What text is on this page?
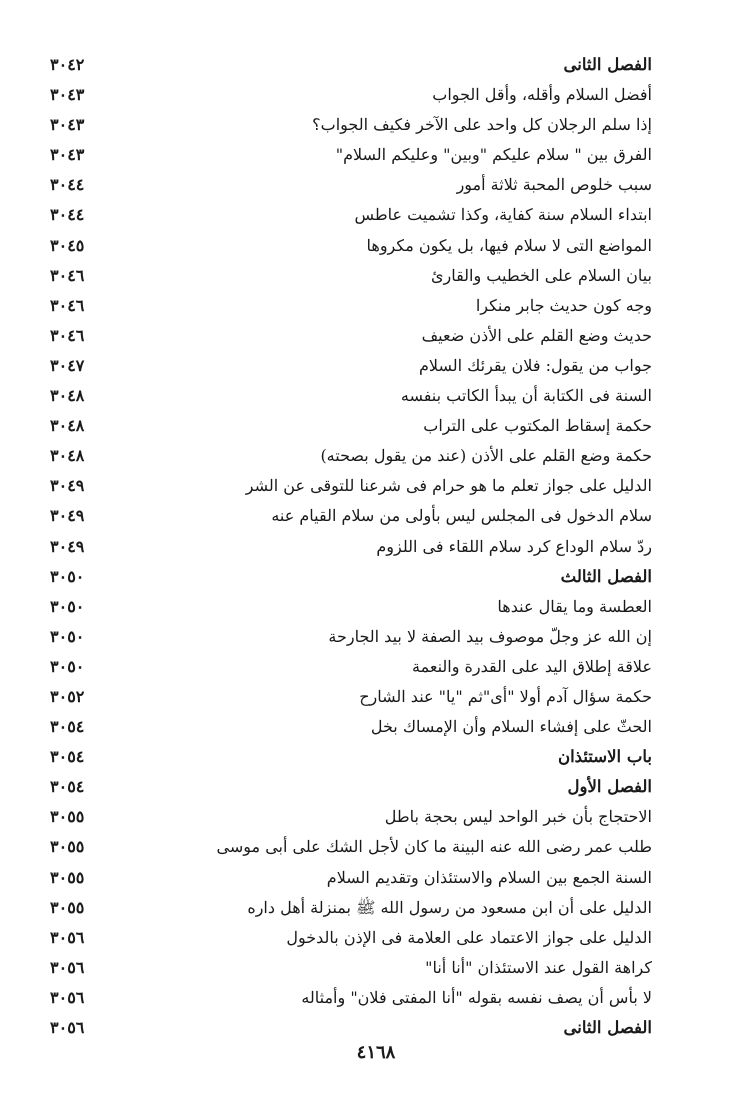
الفصل الثانى
٣٠٤٢
أفضل السلام وأقله، وأقل الجواب
٣٠٤٣
إذا سلم الرجلان كل واحد على الآخر فكيف الجواب؟
٣٠٤٣
الفرق بين " سلام عليكم "وبين" وعليكم السلام"
٣٠٤٣
سبب خلوص المحبة ثلاثة أمور
٣٠٤٤
ابتداء السلام سنة كفاية، وكذا تشميت عاطس
٣٠٤٤
المواضع التى لا سلام فيها، بل يكون مكروها
٣٠٤٥
بيان السلام على الخطيب والقارئ
٣٠٤٦
وجه كون حديث جابر منكرا
٣٠٤٦
حديث وضع القلم على الأذن ضعيف
٣٠٤٦
جواب من يقول: فلان يقرئك السلام
٣٠٤٧
السنة فى الكتابة أن يبدأ الكاتب بنفسه
٣٠٤٨
حكمة إسقاط المكتوب على التراب
٣٠٤٨
حكمة وضع القلم على الأذن (عند من يقول بصحته)
٣٠٤٨
الدليل على جواز تعلم ما هو حرام فى شرعنا للتوقى عن الشر
٣٠٤٩
سلام الدخول فى المجلس ليس بأولى من سلام القيام عنه
٣٠٤٩
ردّ سلام الوداع كرد سلام اللقاء فى اللزوم
٣٠٤٩
الفصل الثالث
٣٠٥٠
العطسة وما يقال عندها
٣٠٥٠
إن الله عز وجلّ موصوف بيد الصفة لا بيد الجارحة
٣٠٥٠
علاقة إطلاق اليد على القدرة والنعمة
٣٠٥٠
حكمة سؤال آدم أولا "أى"ثم "يا" عند الشارح
٣٠٥٢
الحثّ على إفشاء السلام وأن الإمساك بخل
٣٠٥٤
باب الاستئذان
٣٠٥٤
الفصل الأول
٣٠٥٤
الاحتجاج بأن خبر الواحد ليس بحجة باطل
٣٠٥٥
طلب عمر رضى الله عنه البينة ما كان لأجل الشك على أبى موسى
٣٠٥٥
السنة الجمع بين السلام والاستئذان وتقديم السلام
٣٠٥٥
الدليل على أن ابن مسعود من رسول الله ﷺ بمنزلة أهل داره
٣٠٥٥
الدليل على جواز الاعتماد على العلامة فى الإذن بالدخول
٣٠٥٦
كراهة القول عند الاستئذان "أنا أنا"
٣٠٥٦
لا بأس أن يصف نفسه بقوله "أنا المفتى فلان" وأمثاله
٣٠٥٦
الفصل الثانى
٣٠٥٦
٤١٦٨
